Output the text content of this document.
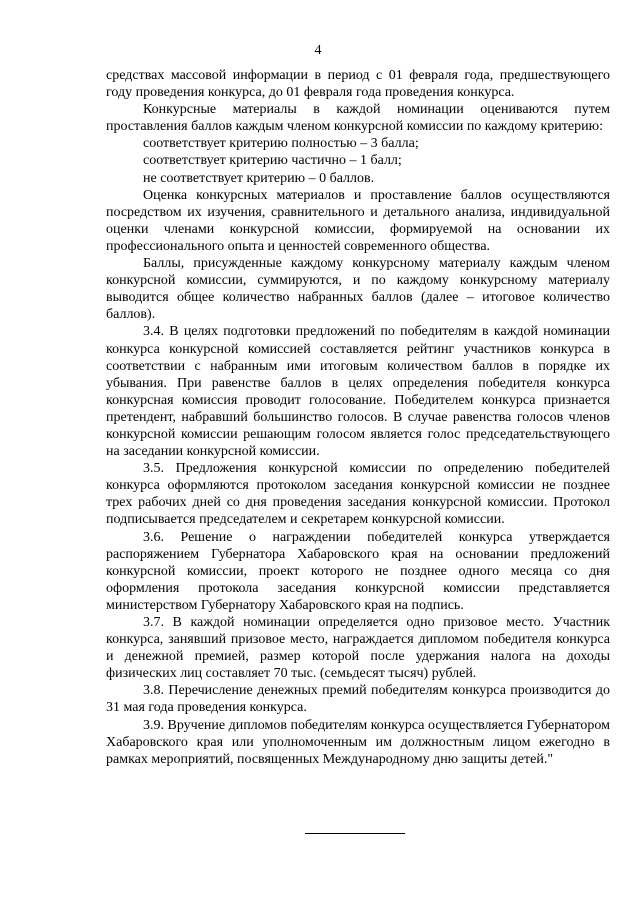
4

средствах массовой информации в период с 01 февраля года, предшествующего году проведения конкурса, до 01 февраля года проведения конкурса.

Конкурсные материалы в каждой номинации оцениваются путем проставления баллов каждым членом конкурсной комиссии по каждому критерию:

соответствует критерию полностью – 3 балла;

соответствует критерию частично – 1 балл;

не соответствует критерию – 0 баллов.

Оценка конкурсных материалов и проставление баллов осуществляются посредством их изучения, сравнительного и детального анализа, индивидуальной оценки членами конкурсной комиссии, формируемой на основании их профессионального опыта и ценностей современного общества.

Баллы, присужденные каждому конкурсному материалу каждым членом конкурсной комиссии, суммируются, и по каждому конкурсному материалу выводится общее количество набранных баллов (далее – итоговое количество баллов).

3.4. В целях подготовки предложений по победителям в каждой номинации конкурса конкурсной комиссией составляется рейтинг участников конкурса в соответствии с набранным ими итоговым количеством баллов в порядке их убывания. При равенстве баллов в целях определения победителя конкурса конкурсная комиссия проводит голосование. Победителем конкурса признается претендент, набравший большинство голосов. В случае равенства голосов членов конкурсной комиссии решающим голосом является голос председательствующего на заседании конкурсной комиссии.

3.5. Предложения конкурсной комиссии по определению победителей конкурса оформляются протоколом заседания конкурсной комиссии не позднее трех рабочих дней со дня проведения заседания конкурсной комиссии. Протокол подписывается председателем и секретарем конкурсной комиссии.

3.6. Решение о награждении победителей конкурса утверждается распоряжением Губернатора Хабаровского края на основании предложений конкурсной комиссии, проект которого не позднее одного месяца со дня оформления протокола заседания конкурсной комиссии представляется министерством Губернатору Хабаровского края на подпись.

3.7. В каждой номинации определяется одно призовое место. Участник конкурса, занявший призовое место, награждается дипломом победителя конкурса и денежной премией, размер которой после удержания налога на доходы физических лиц составляет 70 тыс. (семьдесят тысяч) рублей.

3.8. Перечисление денежных премий победителям конкурса производится до 31 мая года проведения конкурса.

3.9. Вручение дипломов победителям конкурса осуществляется Губернатором Хабаровского края или уполномоченным им должностным лицом ежегодно в рамках мероприятий, посвященных Международному дню защиты детей."
